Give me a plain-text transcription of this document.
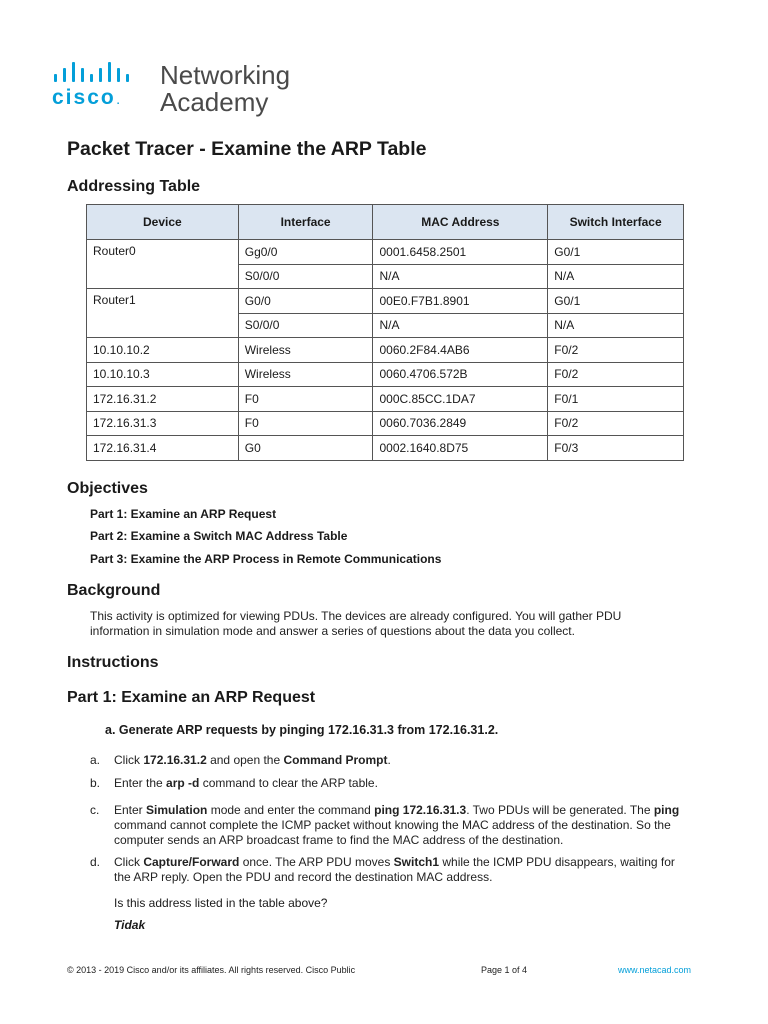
cisco.
Networking
Academy
Packet Tracer - Examine the ARP Table
Addressing Table
Device	Interface	MAC Address	Switch Interface
Router0	Gg0/0	0001.6458.2501	G0/1
	S0/0/0	N/A	N/A
Router1	G0/0	00E0.F7B1.8901	G0/1
	S0/0/0	N/A	N/A
10.10.10.2	Wireless	0060.2F84.4AB6	F0/2
10.10.10.3	Wireless	0060.4706.572B	F0/2
172.16.31.2	F0	000C.85CC.1DA7	F0/1
172.16.31.3	F0	0060.7036.2849	F0/2
172.16.31.4	G0	0002.1640.8D75	F0/3
Objectives
Part 1: Examine an ARP Request
Part 2: Examine a Switch MAC Address Table
Part 3: Examine the ARP Process in Remote Communications
Background
This activity is optimized for viewing PDUs. The devices are already configured. You will gather PDU information in simulation mode and answer a series of questions about the data you collect.
Instructions
Part 1: Examine an ARP Request
a. Generate ARP requests by pinging 172.16.31.3 from 172.16.31.2.
a. Click 172.16.31.2 and open the Command Prompt.
b. Enter the arp -d command to clear the ARP table.
c. Enter Simulation mode and enter the command ping 172.16.31.3. Two PDUs will be generated. The ping command cannot complete the ICMP packet without knowing the MAC address of the destination. So the computer sends an ARP broadcast frame to find the MAC address of the destination.
d. Click Capture/Forward once. The ARP PDU moves Switch1 while the ICMP PDU disappears, waiting for the ARP reply. Open the PDU and record the destination MAC address.
Is this address listed in the table above?
Tidak
© 2013 - 2019 Cisco and/or its affiliates. All rights reserved. Cisco Public	Page 1 of 4	www.netacad.com
